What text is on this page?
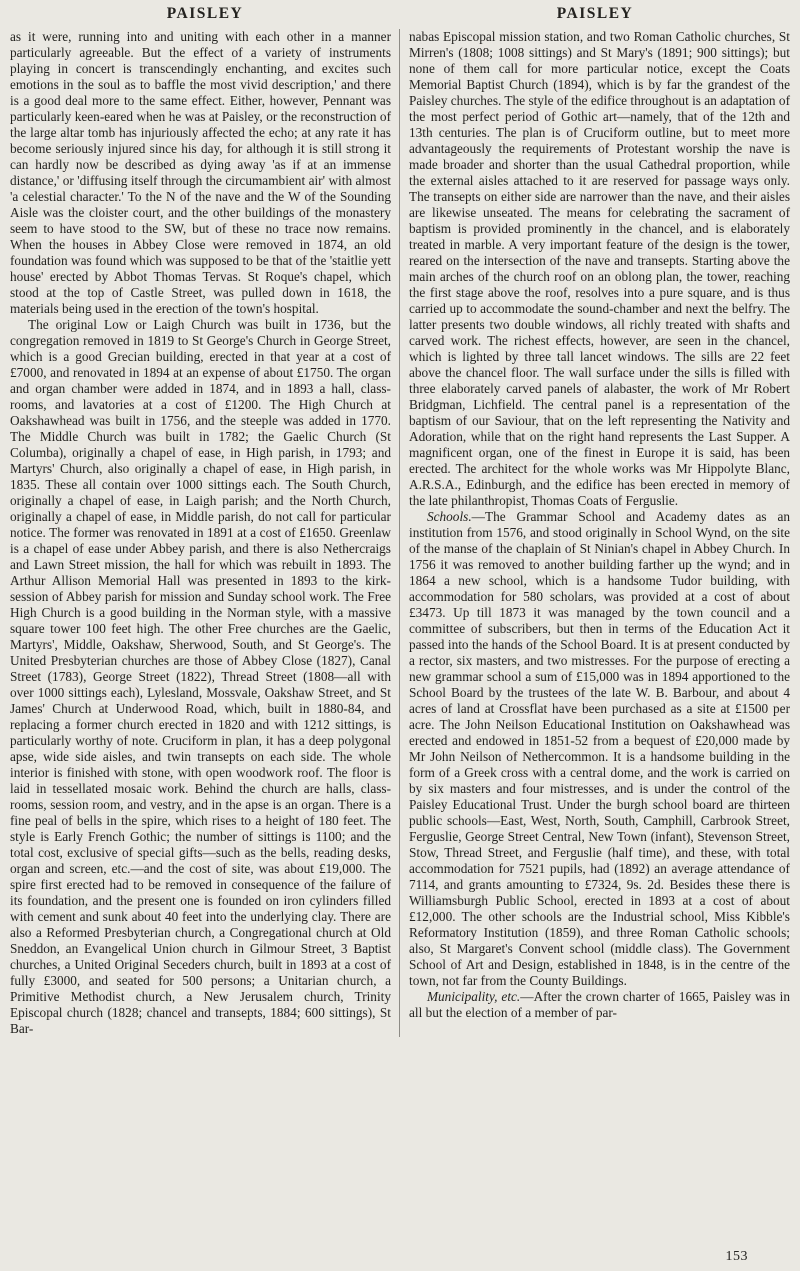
PAISLEY	PAISLEY

as it were, running into and uniting with each other in a manner particularly agreeable. But the effect of a variety of instruments playing in concert is transcendingly enchanting, and excites such emotions in the soul as to baffle the most vivid description,' and there is a good deal more to the same effect. Either, however, Pennant was particularly keen-eared when he was at Paisley, or the reconstruction of the large altar tomb has injuriously affected the echo; at any rate it has become seriously injured since his day, for although it is still strong it can hardly now be described as dying away 'as if at an immense distance,' or 'diffusing itself through the circumambient air' with almost 'a celestial character.' To the N of the nave and the W of the Sounding Aisle was the cloister court, and the other buildings of the monastery seem to have stood to the SW, but of these no trace now remains. When the houses in Abbey Close were removed in 1874, an old foundation was found which was supposed to be that of the 'staitlie yett house' erected by Abbot Thomas Tervas. St Roque's chapel, which stood at the top of Castle Street, was pulled down in 1618, the materials being used in the erection of the town's hospital.

The original Low or Laigh Church was built in 1736, but the congregation removed in 1819 to St George's Church in George Street, which is a good Grecian building, erected in that year at a cost of £7000, and renovated in 1894 at an expense of about £1750. The organ and organ chamber were added in 1874, and in 1893 a hall, class-rooms, and lavatories at a cost of £1200. The High Church at Oakshawhead was built in 1756, and the steeple was added in 1770. The Middle Church was built in 1782; the Gaelic Church (St Columba), originally a chapel of ease, in High parish, in 1793; and Martyrs' Church, also originally a chapel of ease, in High parish, in 1835. These all contain over 1000 sittings each. The South Church, originally a chapel of ease, in Laigh parish; and the North Church, originally a chapel of ease, in Middle parish, do not call for particular notice. The former was renovated in 1891 at a cost of £1650. Greenlaw is a chapel of ease under Abbey parish, and there is also Nethercraigs and Lawn Street mission, the hall for which was rebuilt in 1893. The Arthur Allison Memorial Hall was presented in 1893 to the kirk-session of Abbey parish for mission and Sunday school work. The Free High Church is a good building in the Norman style, with a massive square tower 100 feet high. The other Free churches are the Gaelic, Martyrs', Middle, Oakshaw, Sherwood, South, and St George's. The United Presbyterian churches are those of Abbey Close (1827), Canal Street (1783), George Street (1822), Thread Street (1808—all with over 1000 sittings each), Lylesland, Mossvale, Oakshaw Street, and St James' Church at Underwood Road, which, built in 1880-84, and replacing a former church erected in 1820 and with 1212 sittings, is particularly worthy of note. Cruciform in plan, it has a deep polygonal apse, wide side aisles, and twin transepts on each side. The whole interior is finished with stone, with open woodwork roof. The floor is laid in tessellated mosaic work. Behind the church are halls, class-rooms, session room, and vestry, and in the apse is an organ. There is a fine peal of bells in the spire, which rises to a height of 180 feet. The style is Early French Gothic; the number of sittings is 1100; and the total cost, exclusive of special gifts—such as the bells, reading desks, organ and screen, etc.—and the cost of site, was about £19,000. The spire first erected had to be removed in consequence of the failure of its foundation, and the present one is founded on iron cylinders filled with cement and sunk about 40 feet into the underlying clay. There are also a Reformed Presbyterian church, a Congregational church at Old Sneddon, an Evangelical Union church in Gilmour Street, 3 Baptist churches, a United Original Seceders church, built in 1893 at a cost of fully £3000, and seated for 500 persons; a Unitarian church, a Primitive Methodist church, a New Jerusalem church, Trinity Episcopal church (1828; chancel and transepts, 1884; 600 sittings), St Bar-

nabas Episcopal mission station, and two Roman Catholic churches, St Mirren's (1808; 1008 sittings) and St Mary's (1891; 900 sittings); but none of them call for more particular notice, except the Coats Memorial Baptist Church (1894), which is by far the grandest of the Paisley churches. The style of the edifice throughout is an adaptation of the most perfect period of Gothic art—namely, that of the 12th and 13th centuries. The plan is of Cruciform outline, but to meet more advantageously the requirements of Protestant worship the nave is made broader and shorter than the usual Cathedral proportion, while the external aisles attached to it are reserved for passage ways only. The transepts on either side are narrower than the nave, and their aisles are likewise unseated. The means for celebrating the sacrament of baptism is provided prominently in the chancel, and is elaborately treated in marble. A very important feature of the design is the tower, reared on the intersection of the nave and transepts. Starting above the main arches of the church roof on an oblong plan, the tower, reaching the first stage above the roof, resolves into a pure square, and is thus carried up to accommodate the sound-chamber and next the belfry. The latter presents two double windows, all richly treated with shafts and carved work. The richest effects, however, are seen in the chancel, which is lighted by three tall lancet windows. The sills are 22 feet above the chancel floor. The wall surface under the sills is filled with three elaborately carved panels of alabaster, the work of Mr Robert Bridgman, Lichfield. The central panel is a representation of the baptism of our Saviour, that on the left representing the Nativity and Adoration, while that on the right hand represents the Last Supper. A magnificent organ, one of the finest in Europe it is said, has been erected. The architect for the whole works was Mr Hippolyte Blanc, A.R.S.A., Edinburgh, and the edifice has been erected in memory of the late philanthropist, Thomas Coats of Ferguslie.

Schools.—The Grammar School and Academy dates as an institution from 1576, and stood originally in School Wynd, on the site of the manse of the chaplain of St Ninian's chapel in Abbey Church. In 1756 it was removed to another building farther up the wynd; and in 1864 a new school, which is a handsome Tudor building, with accommodation for 580 scholars, was provided at a cost of about £3473. Up till 1873 it was managed by the town council and a committee of subscribers, but then in terms of the Education Act it passed into the hands of the School Board. It is at present conducted by a rector, six masters, and two mistresses. For the purpose of erecting a new grammar school a sum of £15,000 was in 1894 apportioned to the School Board by the trustees of the late W. B. Barbour, and about 4 acres of land at Crossflat have been purchased as a site at £1500 per acre. The John Neilson Educational Institution on Oakshawhead was erected and endowed in 1851-52 from a bequest of £20,000 made by Mr John Neilson of Nethercommon. It is a handsome building in the form of a Greek cross with a central dome, and the work is carried on by six masters and four mistresses, and is under the control of the Paisley Educational Trust. Under the burgh school board are thirteen public schools—East, West, North, South, Camphill, Carbrook Street, Ferguslie, George Street Central, New Town (infant), Stevenson Street, Stow, Thread Street, and Ferguslie (half time), and these, with total accommodation for 7521 pupils, had (1892) an average attendance of 7114, and grants amounting to £7324, 9s. 2d. Besides these there is Williamsburgh Public School, erected in 1893 at a cost of about £12,000. The other schools are the Industrial school, Miss Kibble's Reformatory Institution (1859), and three Roman Catholic schools; also, St Margaret's Convent school (middle class). The Government School of Art and Design, established in 1848, is in the centre of the town, not far from the County Buildings.

Municipality, etc.—After the crown charter of 1665, Paisley was in all but the election of a member of par-

153
